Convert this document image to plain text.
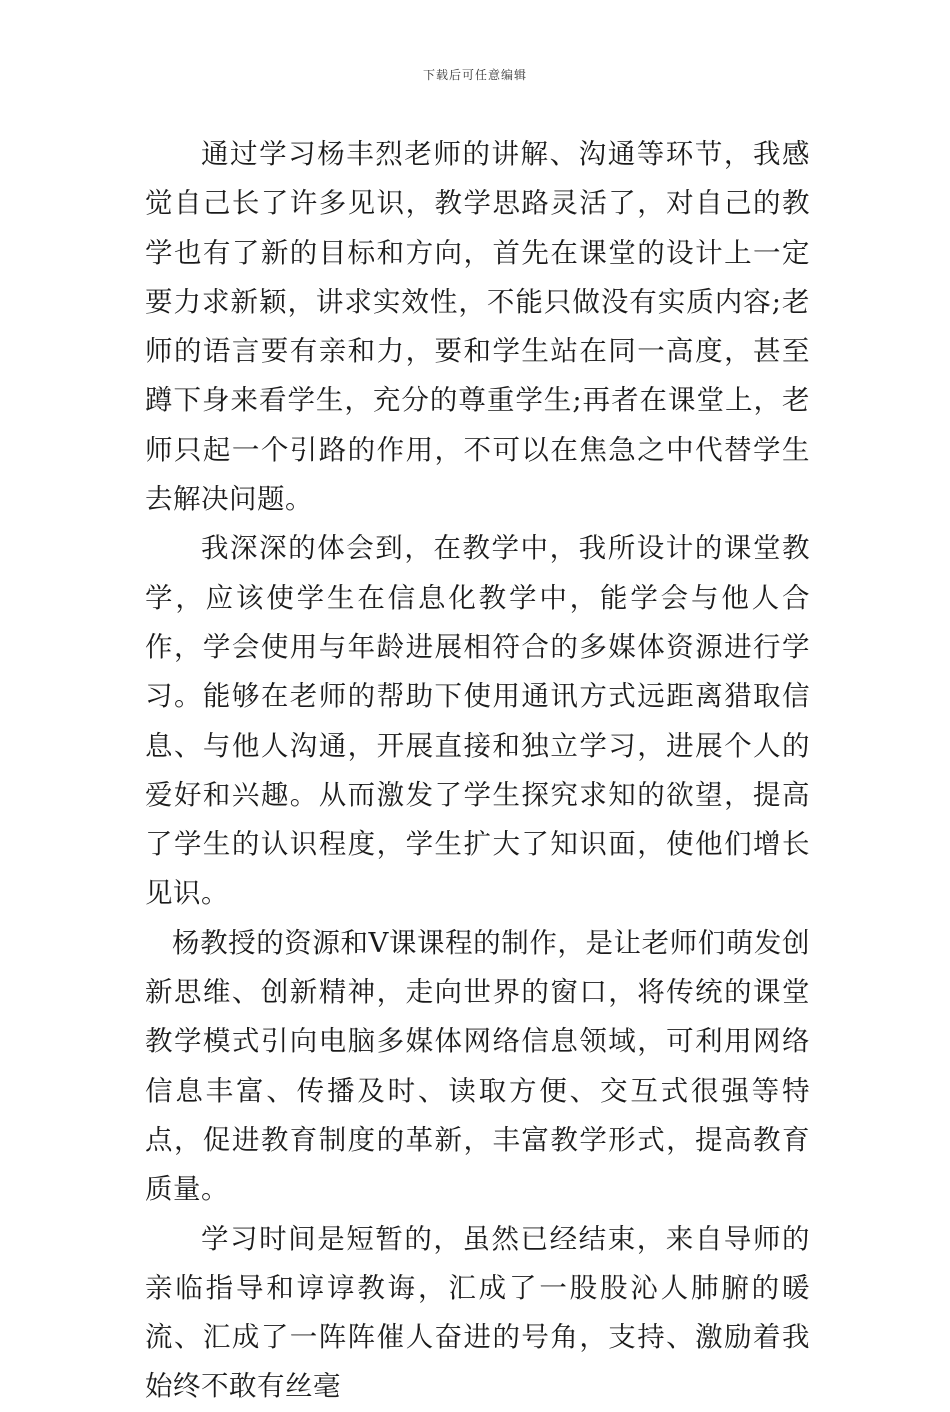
下载后可任意编辑

通过学习杨丰烈老师的讲解、沟通等环节，我感觉自己长了许多见识，教学思路灵活了，对自己的教学也有了新的目标和方向，首先在课堂的设计上一定要力求新颖，讲求实效性，不能只做没有实质内容;老师的语言要有亲和力，要和学生站在同一高度，甚至蹲下身来看学生，充分的尊重学生;再者在课堂上，老师只起一个引路的作用，不可以在焦急之中代替学生去解决问题。

我深深的体会到，在教学中，我所设计的课堂教学，应该使学生在信息化教学中，能学会与他人合作，学会使用与年龄进展相符合的多媒体资源进行学习。能够在老师的帮助下使用通讯方式远距离猎取信息、与他人沟通，开展直接和独立学习，进展个人的爱好和兴趣。从而激发了学生探究求知的欲望，提高了学生的认识程度，学生扩大了知识面，使他们增长见识。

杨教授的资源和V课课程的制作，是让老师们萌发创新思维、创新精神，走向世界的窗口，将传统的课堂教学模式引向电脑多媒体网络信息领域，可利用网络信息丰富、传播及时、读取方便、交互式很强等特点，促进教育制度的革新，丰富教学形式，提高教育质量。

学习时间是短暂的，虽然已经结束，来自导师的亲临指导和谆谆教诲，汇成了一股股沁人肺腑的暖流、汇成了一阵阵催人奋进的号角，支持、激励着我始终不敢有丝毫
